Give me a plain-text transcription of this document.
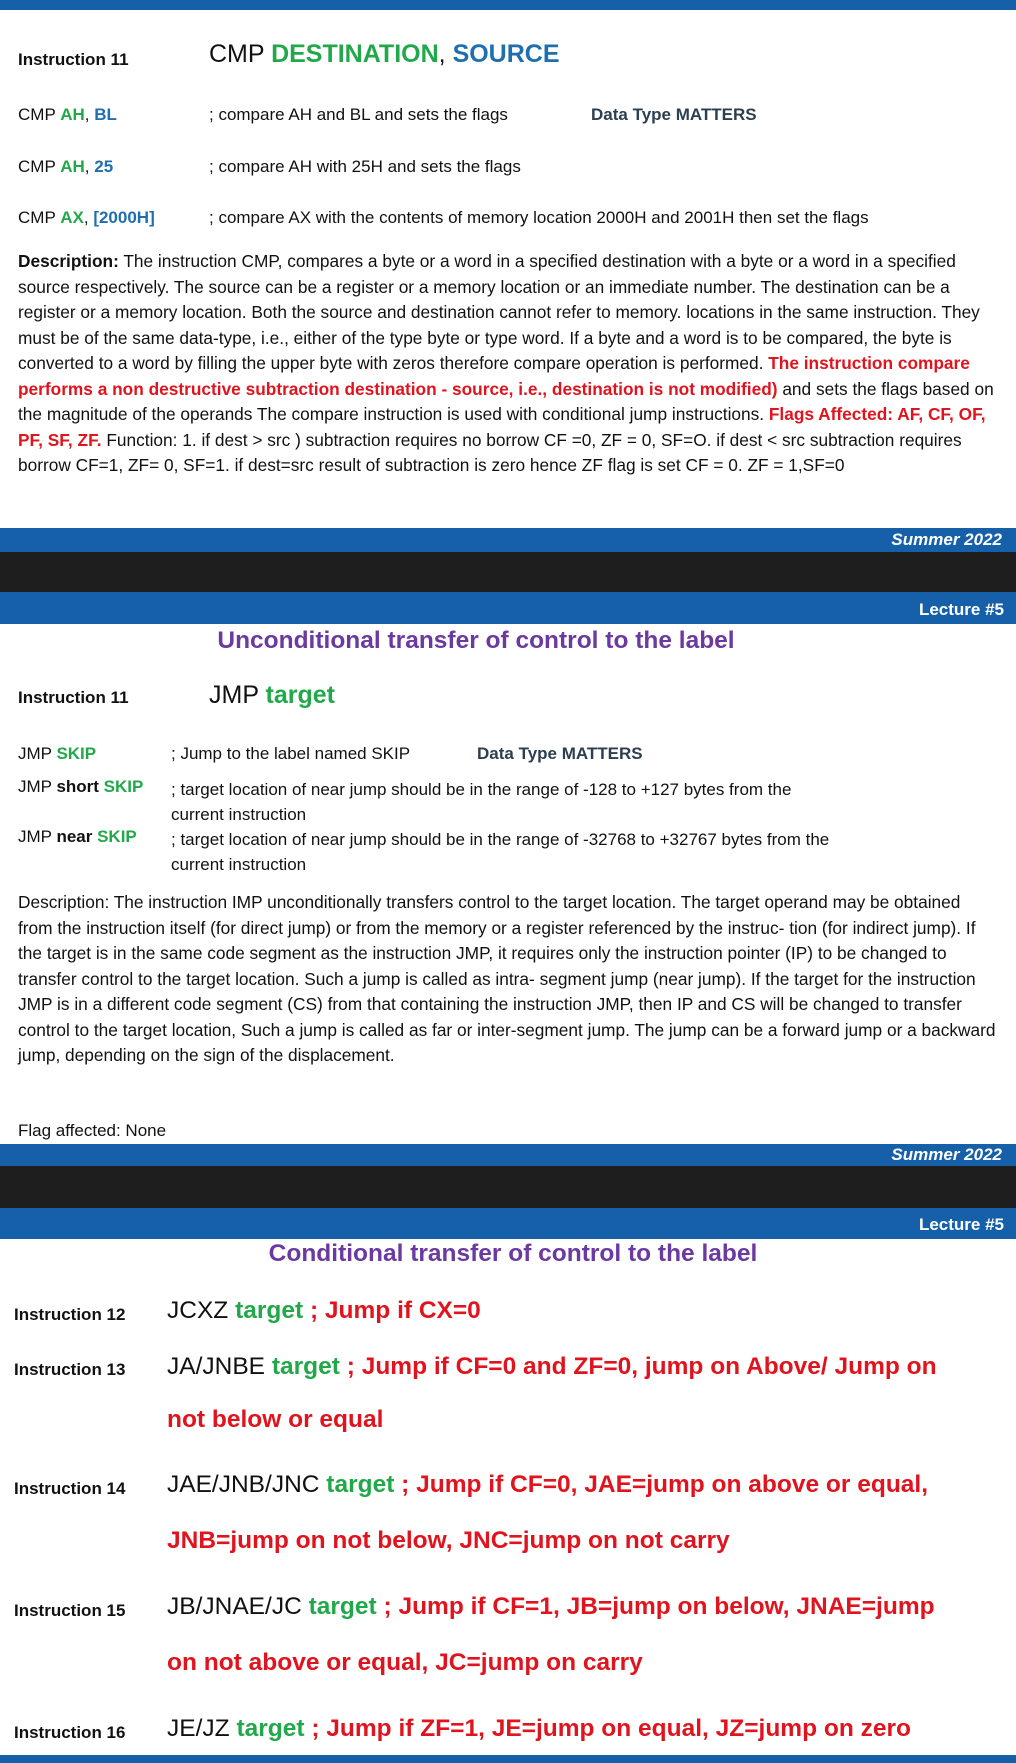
Instruction 11	CMP DESTINATION, SOURCE
CMP AH, BL	; compare AH and BL and sets the flags	Data Type MATTERS
CMP AH, 25	; compare AH with 25H and sets the flags
CMP AX, [2000H]	; compare AX with the contents of memory location 2000H and 2001H then set the flags
Description: The instruction CMP, compares a byte or a word in a specified destination with a byte or a word in a specified source respectively. The source can be a register or a memory location or an immediate number. The destination can be a register or a memory location. Both the source and destination cannot refer to memory. locations in the same instruction. They must be of the same data-type, i.e., either of the type byte or type word. If a byte and a word is to be compared, the byte is converted to a word by filling the upper byte with zeros therefore compare operation is performed. The instruction compare performs a non destructive subtraction destination - source, i.e., destination is not modified) and sets the flags based on the magnitude of the operands The compare instruction is used with conditional jump instructions. Flags Affected: AF, CF, OF, PF, SF, ZF. Function: 1. if dest > src ) subtraction requires no borrow CF =0, ZF = 0, SF=O. if dest < src subtraction requires borrow CF=1, ZF= 0, SF=1. if dest=src result of subtraction is zero hence ZF flag is set CF = 0. ZF = 1,SF=0
Summer 2022
Lecture #5
Unconditional transfer of control to the label
Instruction 11	JMP target
JMP SKIP	; Jump to the label named SKIP	Data Type MATTERS
JMP short SKIP ; target location of near jump should be in the range of -128 to +127 bytes from the
current instruction
JMP near SKIP ; target location of near jump should be in the range of -32768 to +32767 bytes from the
current instruction
Description: The instruction IMP unconditionally transfers control to the target location. The target operand may be obtained from the instruction itself (for direct jump) or from the memory or a register referenced by the instruc- tion (for indirect jump). If the target is in the same code segment as the instruction JMP, it requires only the instruction pointer (IP) to be changed to transfer control to the target location. Such a jump is called as intra- segment jump (near jump). If the target for the instruction JMP is in a different code segment (CS) from that containing the instruction JMP, then IP and CS will be changed to transfer control to the target location, Such a jump is called as far or inter-segment jump. The jump can be a forward jump or a backward jump, depending on the sign of the displacement.
Flag affected: None
Summer 2022
Lecture #5
Conditional transfer of control to the label
Instruction 12 JCXZ target ; Jump if CX=0
Instruction 13 JA/JNBE target ; Jump if CF=0 and ZF=0, jump on Above/ Jump on
not below or equal
Instruction 14 JAE/JNB/JNC target ; Jump if CF=0, JAE=jump on above or equal,
JNB=jump on not below, JNC=jump on not carry
Instruction 15 JB/JNAE/JC target ; Jump if CF=1, JB=jump on below, JNAE=jump
on not above or equal, JC=jump on carry
Instruction 16 JE/JZ target ; Jump if ZF=1, JE=jump on equal, JZ=jump on zero
